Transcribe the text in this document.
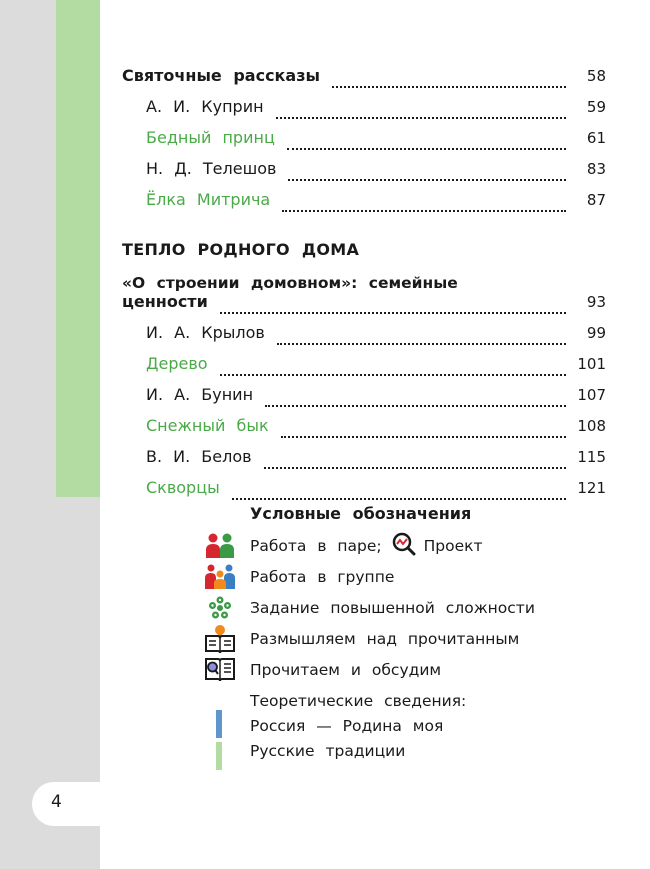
4
Святочные рассказы	58
А. И. Куприн	59
Бедный принц	61
Н. Д. Телешов	83
Ёлка Митрича	87
ТЕПЛО РОДНОГО ДОМА
«О строении домовном»: семейные
ценности	93
И. А. Крылов	99
Дерево	101
И. А. Бунин	107
Снежный бык	108
В. И. Белов	115
Скворцы	121
Условные обозначения
Работа в паре;	Проект
Работа в группе
Задание повышенной сложности
Размышляем над прочитанным
Прочитаем и обсудим
Теоретические сведения:
Россия — Родина моя
Русские традиции
